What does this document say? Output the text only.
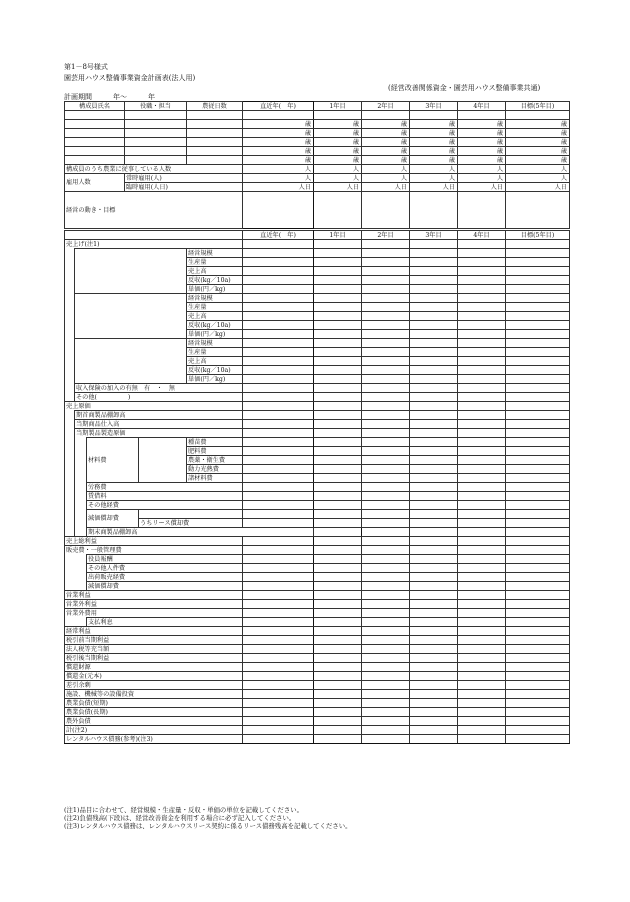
第1－8号様式
園芸用ハウス整備事業資金計画表(法人用)
(経営改善関係資金・園芸用ハウス整備事業共通)
計画期間　　　年～　　　年
構成員氏名	役職・担当	農従日数	直近年(　年)	1年目	2年目	3年目	4年目	目標(5年目)

			歳	歳	歳	歳	歳	歳
			歳	歳	歳	歳	歳	歳
			歳	歳	歳	歳	歳	歳
			歳	歳	歳	歳	歳	歳
			歳	歳	歳	歳	歳	歳
構成員のうち農業に従事している人数			人	人	人	人	人	人
雇用人数	常時雇用(人)		人	人	人	人	人	人
	臨時雇用(人日)		人日	人日	人日	人日	人日	人日
経営の動き・目標								
					直近年(　年)	1年目	2年目	3年目	4年目	目標(5年目)	
売上げ(注1)											
				経営規模							
				生産量							
				売上高							
				反収(kg／10a)							
				単価(円／kg)							
				経営規模							
				生産量							
				売上高							
				反収(kg／10a)							
				単価(円／kg)							
				経営規模							
				生産量							
				売上高							
				反収(kg／10a)							
				単価(円／kg)							
	収入保険の加入の有無　有　・　無										
	その他(　　　　　)										
売上原価											
	期首商製品棚卸高										
	当期商品仕入高										
	当期製品製造原価										
		材料費		種苗費							
				肥料費							
				農薬・衛生費							
				動力光熱費							
				諸材料費							
		労務費									
		賃借料									
		その他経費									
		減価償却費									
			うちリース償却費								
		期末商製品棚卸高									
売上総利益											
販売費・一般管理費											
		役員報酬									
		その他人件費									
		出荷販売経費									
		減価償却費									
営業利益											
営業外利益											
営業外費用											
		支払利息									
経常利益											
税引前当期利益											
法人税等充当額											
税引後当期利益											
償還財源											
償還金(元本)											
差引余剰											
施設、機械等の設備投資											
農業負債(短期)											
農業負債(長期)											
農外負債											
計(注2)											
レンタルハウス債務(参考)(注3)											
(注1)品目に合わせて、経営規模・生産量・反収・単価の単位を記載してください。
(注2)負債残高(下段)は、経営改善資金を利用する場合に必ず記入してください。
(注3)レンタルハウス債務は、レンタルハウスリース契約に係るリース債務残高を記載してください。
